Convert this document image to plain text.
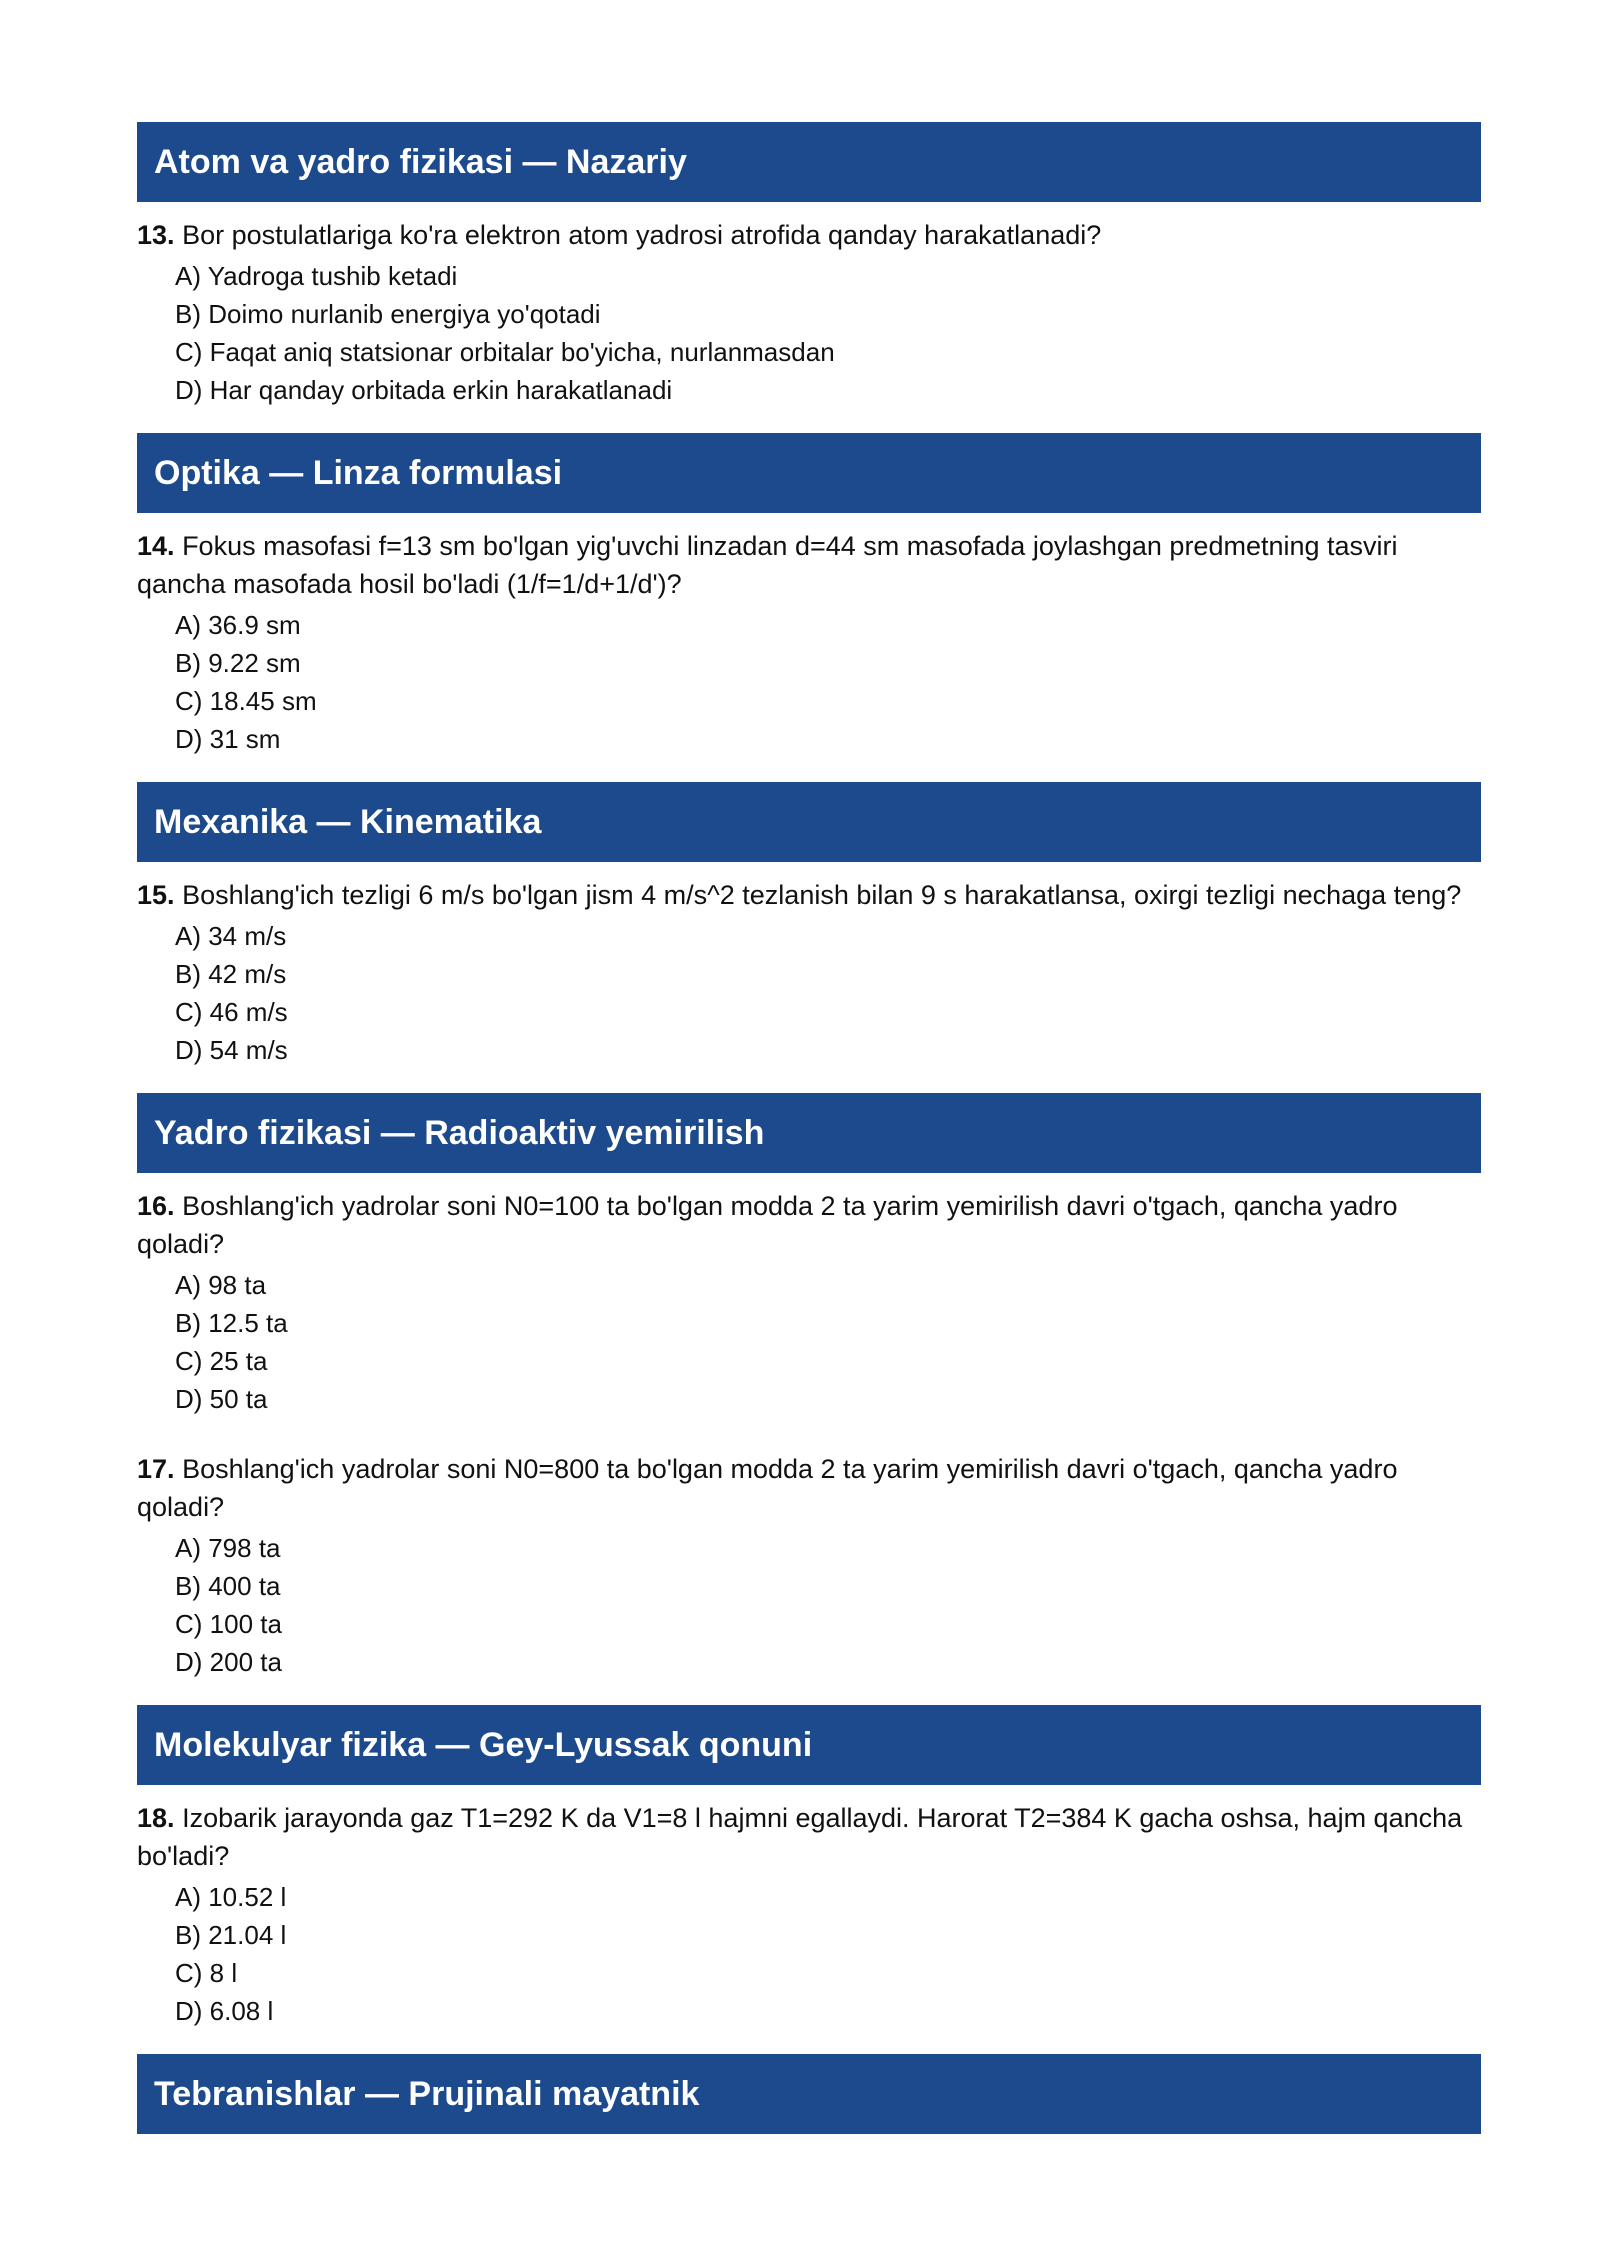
Atom va yadro fizikasi — Nazariy

13. Bor postulatlariga ko'ra elektron atom yadrosi atrofida qanday harakatlanadi?

A) Yadroga tushib ketadi
B) Doimo nurlanib energiya yo'qotadi
C) Faqat aniq statsionar orbitalar bo'yicha, nurlanmasdan
D) Har qanday orbitada erkin harakatlanadi
Optika — Linza formulasi

14. Fokus masofasi f=13 sm bo'lgan yig'uvchi linzadan d=44 sm masofada joylashgan predmetning tasviri qancha masofada hosil bo'ladi (1/f=1/d+1/d')?

A) 36.9 sm
B) 9.22 sm
C) 18.45 sm
D) 31 sm
Mexanika — Kinematika

15. Boshlang'ich tezligi 6 m/s bo'lgan jism 4 m/s^2 tezlanish bilan 9 s harakatlansa, oxirgi tezligi nechaga teng?

A) 34 m/s
B) 42 m/s
C) 46 m/s
D) 54 m/s
Yadro fizikasi — Radioaktiv yemirilish

16. Boshlang'ich yadrolar soni N0=100 ta bo'lgan modda 2 ta yarim yemirilish davri o'tgach, qancha yadro qoladi?

A) 98 ta
B) 12.5 ta
C) 25 ta
D) 50 ta

17. Boshlang'ich yadrolar soni N0=800 ta bo'lgan modda 2 ta yarim yemirilish davri o'tgach, qancha yadro qoladi?

A) 798 ta
B) 400 ta
C) 100 ta
D) 200 ta
Molekulyar fizika — Gey-Lyussak qonuni

18. Izobarik jarayonda gaz T1=292 K da V1=8 l hajmni egallaydi. Harorat T2=384 K gacha oshsa, hajm qancha bo'ladi?

A) 10.52 l
B) 21.04 l
C) 8 l
D) 6.08 l
Tebranishlar — Prujinali mayatnik
